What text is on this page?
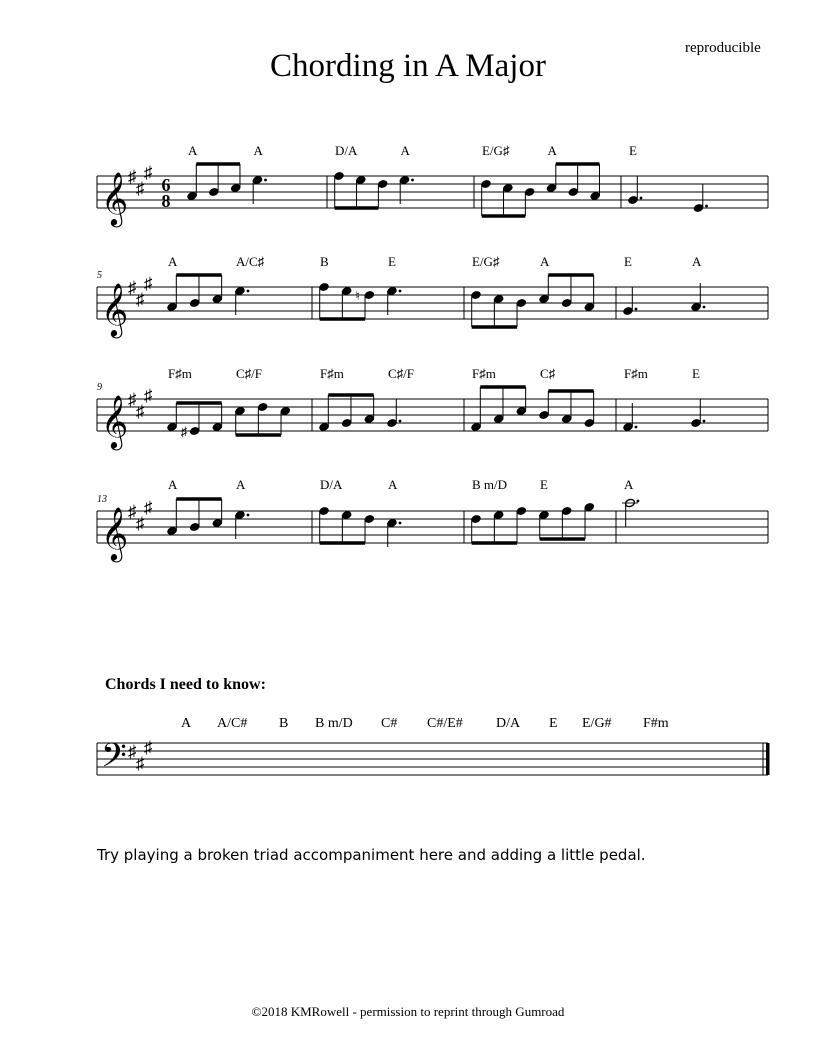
Chording in A Major	reproducible
𝄞 ♯
♯
♯
6
8
A	A	D/A	A	E/G♯	A	E
𝄞 ♯
♯
♯
5
♮
A	A/C♯	B	E	E/G♯	A	E	A
𝄞 ♯
♯
♯
9
♯
F♯m	C♯/F	F♯m	C♯/F	F♯m	C♯	F♯m	E
𝄞 ♯
♯
♯
13
A	A	D/A	A	B m/D	E	A
𝄢 ♯
♯
♯
A A/C# B B m/D C# C#/E# D/A E E/G# F#m
Chords I need to know:
Try playing a broken triad accompaniment here and adding a little pedal.
©2018 KMRowell - permission to reprint through Gumroad
